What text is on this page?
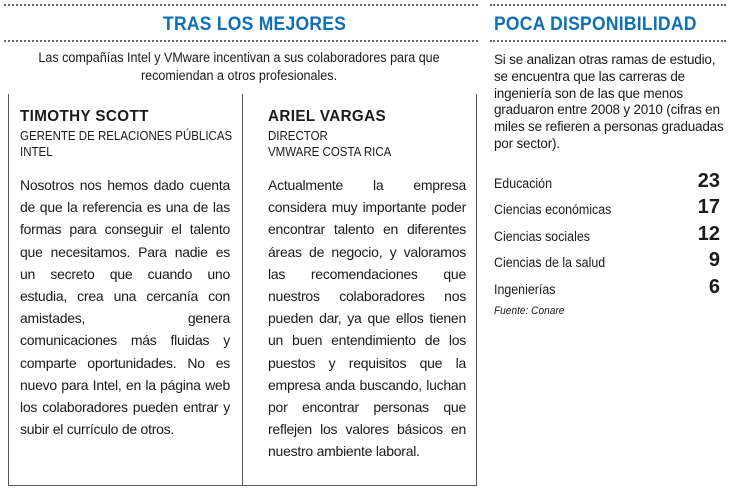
TRAS LOS MEJORES
Las compañías Intel y VMware incentivan a sus colaboradores para que recomiendan a otros profesionales.
TIMOTHY SCOTT
GERENTE DE RELACIONES PÚBLICAS
INTEL
Nosotros nos hemos dado cuenta de que la referencia es una de las formas para conseguir el talento que necesitamos. Para nadie es un secreto que cuando uno estudia, crea una cercanía con amistades, genera comunicaciones más fluidas y comparte oportunidades. No es nuevo para Intel, en la página web los colaboradores pueden entrar y subir el currículo de otros.
ARIEL VARGAS
DIRECTOR
VMWARE COSTA RICA
Actualmente la empresa considera muy importante poder encontrar talento en diferentes áreas de negocio, y valoramos las recomendaciones que nuestros colaboradores nos pueden dar, ya que ellos tienen un buen entendimiento de los puestos y requisitos que la empresa anda buscando, luchan por encontrar personas que reflejen los valores básicos en nuestro ambiente laboral.
POCA DISPONIBILIDAD
Si se analizan otras ramas de estudio, se encuentra que las carreras de ingeniería son de las que menos graduaron entre 2008 y 2010 (cifras en miles se refieren a personas graduadas por sector).
Educación	23
Ciencias económicas	17
Ciencias sociales	12
Ciencias de la salud	9
Ingenierías	6
Fuente: Conare
